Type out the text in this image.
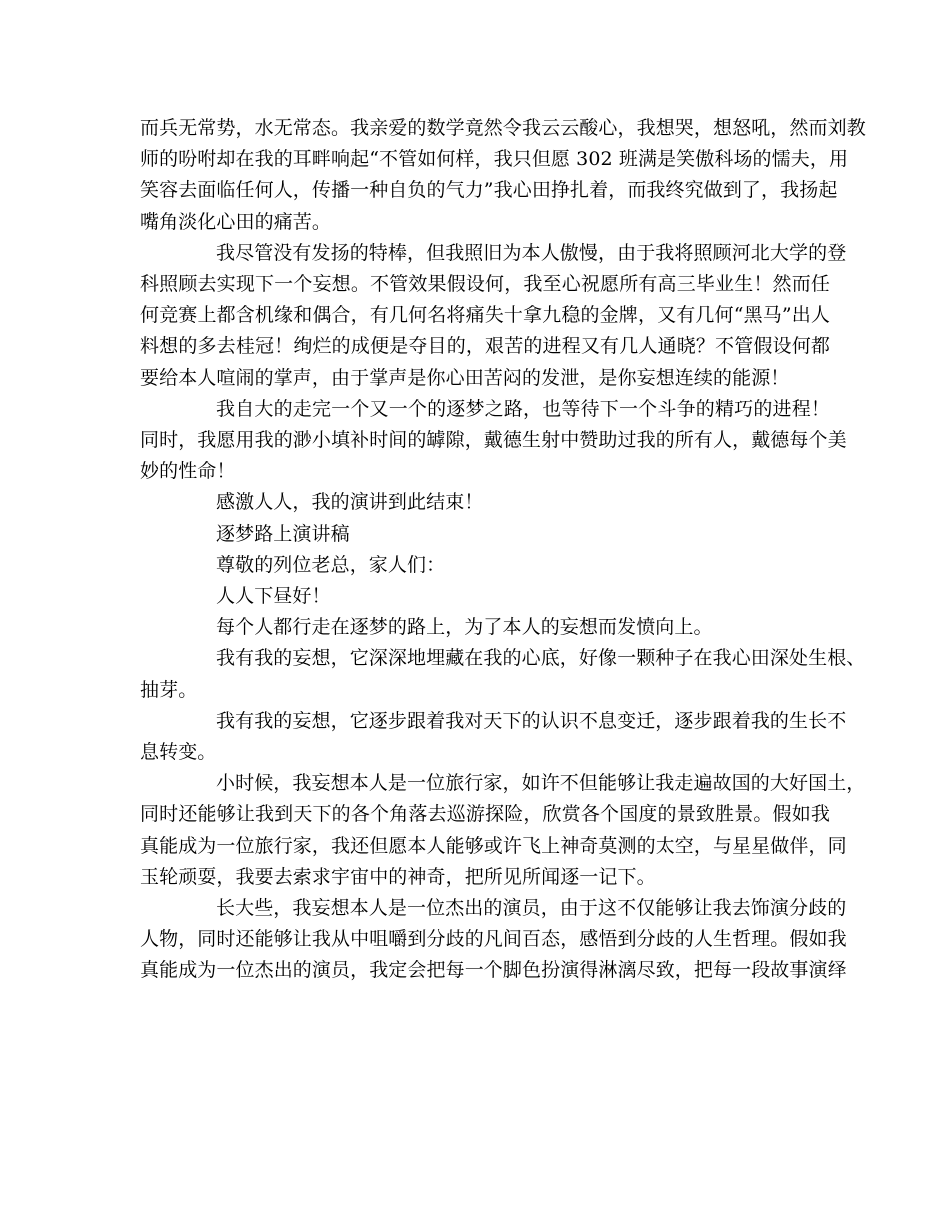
而兵无常势，水无常态。我亲爱的数学竟然令我云云酸心，我想哭，想怒吼，然而刘教
师的吩咐却在我的耳畔响起“不管如何样，我只但愿 302 班满是笑傲科场的懦夫，用
笑容去面临任何人，传播一种自负的气力”我心田挣扎着，而我终究做到了，我扬起
嘴角淡化心田的痛苦。
我尽管没有发扬的特棒，但我照旧为本人傲慢，由于我将照顾河北大学的登
科照顾去实现下一个妄想。不管效果假设何，我至心祝愿所有高三毕业生！然而任
何竞赛上都含机缘和偶合，有几何名将痛失十拿九稳的金牌，又有几何“黑马”出人
料想的多去桂冠！绚烂的成便是夺目的，艰苦的进程又有几人通晓？不管假设何都
要给本人喧闹的掌声，由于掌声是你心田苦闷的发泄，是你妄想连续的能源！
我自大的走完一个又一个的逐梦之路，也等待下一个斗争的精巧的进程！
同时，我愿用我的渺小填补时间的罅隙，戴德生射中赞助过我的所有人，戴德每个美
妙的性命！
感激人人，我的演讲到此结束！
逐梦路上演讲稿
尊敬的列位老总，家人们：
人人下昼好！
每个人都行走在逐梦的路上，为了本人的妄想而发愤向上。
我有我的妄想，它深深地埋藏在我的心底，好像一颗种子在我心田深处生根、
抽芽。
我有我的妄想，它逐步跟着我对天下的认识不息变迁，逐步跟着我的生长不
息转变。
小时候，我妄想本人是一位旅行家，如许不但能够让我走遍故国的大好国土，
同时还能够让我到天下的各个角落去巡游探险，欣赏各个国度的景致胜景。假如我
真能成为一位旅行家，我还但愿本人能够或许飞上神奇莫测的太空，与星星做伴，同
玉轮顽耍，我要去索求宇宙中的神奇，把所见所闻逐一记下。
长大些，我妄想本人是一位杰出的演员，由于这不仅能够让我去饰演分歧的
人物，同时还能够让我从中咀嚼到分歧的凡间百态，感悟到分歧的人生哲理。假如我
真能成为一位杰出的演员，我定会把每一个脚色扮演得淋漓尽致，把每一段故事演绎
